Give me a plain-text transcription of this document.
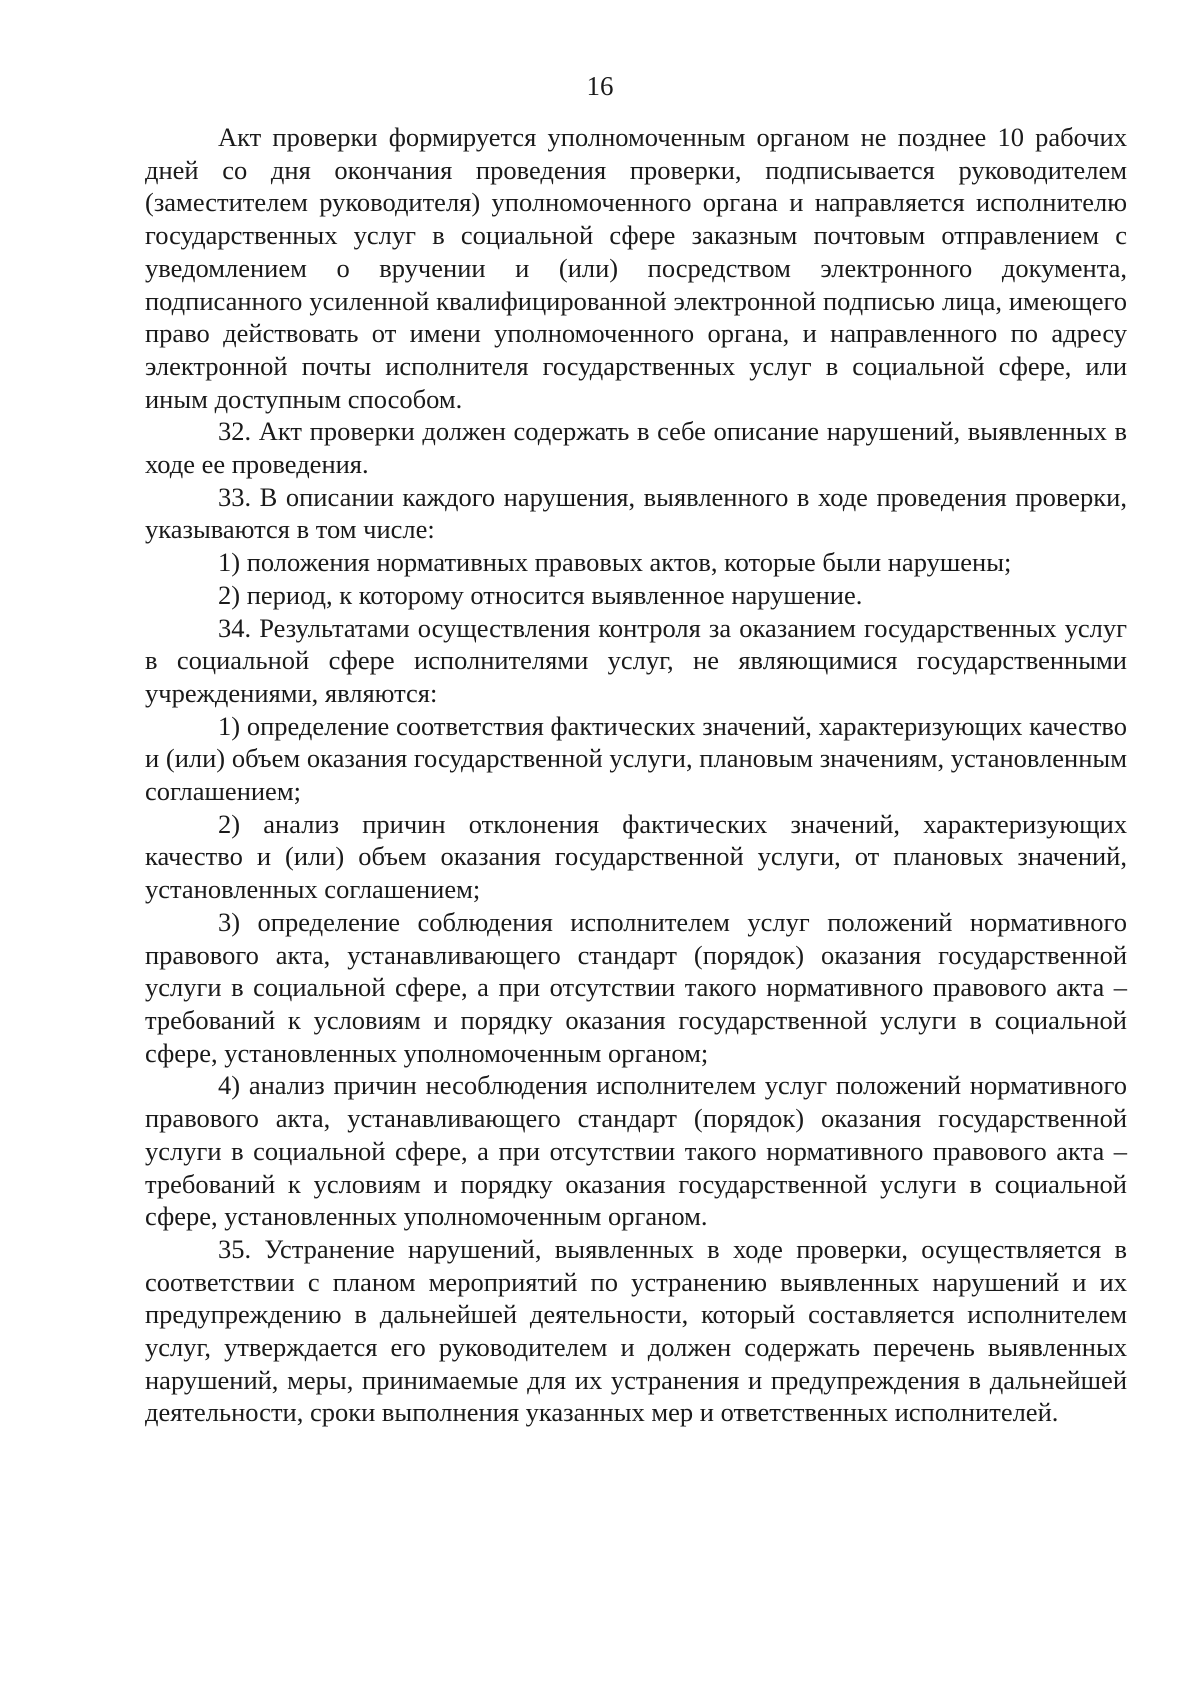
16

Акт проверки формируется уполномоченным органом не позднее 10 рабочих дней со дня окончания проведения проверки, подписывается руководителем (заместителем руководителя) уполномоченного органа и направляется исполнителю государственных услуг в социальной сфере заказным почтовым отправлением с уведомлением о вручении и (или) посредством электронного документа, подписанного усиленной квалифицированной электронной подписью лица, имеющего право действовать от имени уполномоченного органа, и направленного по адресу электронной почты исполнителя государственных услуг в социальной сфере, или иным доступным способом.

32. Акт проверки должен содержать в себе описание нарушений, выявленных в ходе ее проведения.

33. В описании каждого нарушения, выявленного в ходе проведения проверки, указываются в том числе:

1) положения нормативных правовых актов, которые были нарушены;

2) период, к которому относится выявленное нарушение.

34. Результатами осуществления контроля за оказанием государственных услуг в социальной сфере исполнителями услуг, не являющимися государственными учреждениями, являются:

1) определение соответствия фактических значений, характеризующих качество и (или) объем оказания государственной услуги, плановым значениям, установленным соглашением;

2) анализ причин отклонения фактических значений, характеризующих качество и (или) объем оказания государственной услуги, от плановых значений, установленных соглашением;

3) определение соблюдения исполнителем услуг положений нормативного правового акта, устанавливающего стандарт (порядок) оказания государственной услуги в социальной сфере, а при отсутствии такого нормативного правового акта – требований к условиям и порядку оказания государственной услуги в социальной сфере, установленных уполномоченным органом;

4) анализ причин несоблюдения исполнителем услуг положений нормативного правового акта, устанавливающего стандарт (порядок) оказания государственной услуги в социальной сфере, а при отсутствии такого нормативного правового акта – требований к условиям и порядку оказания государственной услуги в социальной сфере, установленных уполномоченным органом.

35. Устранение нарушений, выявленных в ходе проверки, осуществляется в соответствии с планом мероприятий по устранению выявленных нарушений и их предупреждению в дальнейшей деятельности, который составляется исполнителем услуг, утверждается его руководителем и должен содержать перечень выявленных нарушений, меры, принимаемые для их устранения и предупреждения в дальнейшей деятельности, сроки выполнения указанных мер и ответственных исполнителей.
